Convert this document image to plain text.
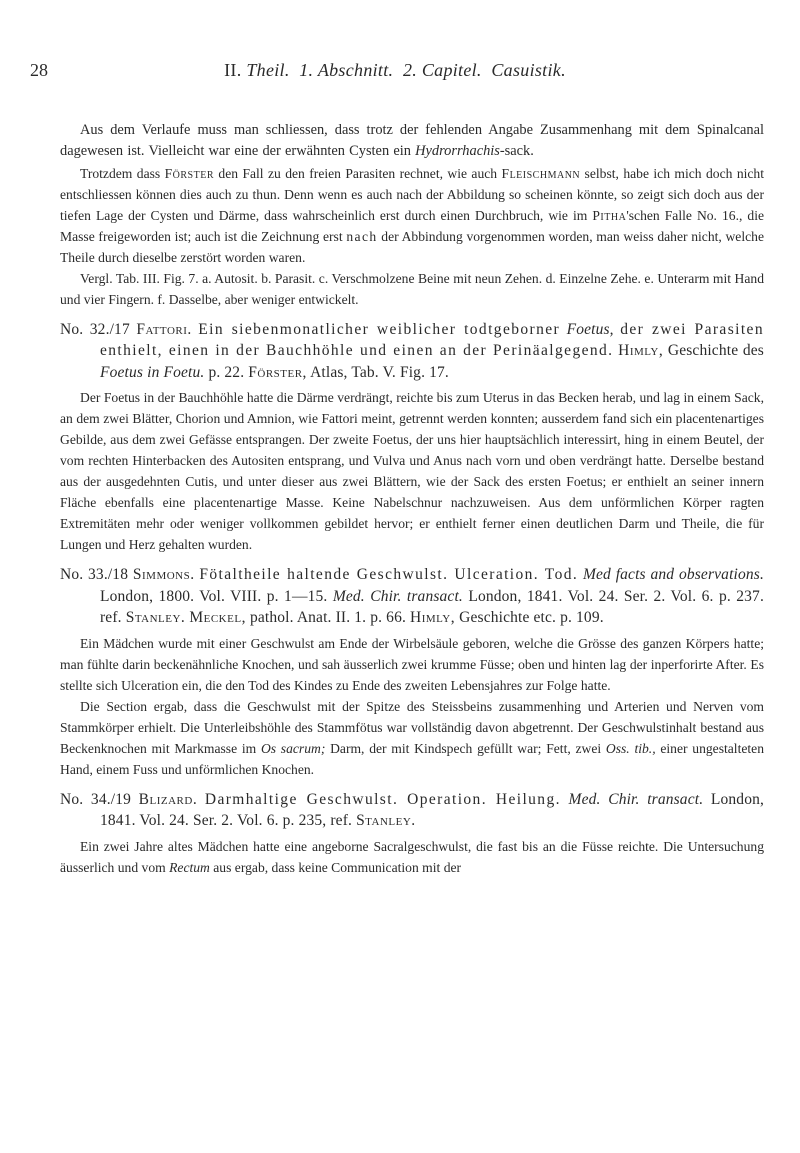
28	II. Theil. 1. Abschnitt. 2. Capitel. Casuistik.

Aus dem Verlaufe muss man schliessen, dass trotz der fehlenden Angabe Zusammenhang mit dem Spinalcanal dagewesen ist. Vielleicht war eine der erwähnten Cysten ein Hydrorrhachis-sack.

Trotzdem dass Förster den Fall zu den freien Parasiten rechnet, wie auch Fleischmann selbst, habe ich mich doch nicht entschliessen können dies auch zu thun. Denn wenn es auch nach der Abbildung so scheinen könnte, so zeigt sich doch aus der tiefen Lage der Cysten und Därme, dass wahrscheinlich erst durch einen Durchbruch, wie im Pitha'schen Falle No. 16., die Masse freigeworden ist; auch ist die Zeichnung erst nach der Abbindung vorgenommen worden, man weiss daher nicht, welche Theile durch dieselbe zerstört worden waren.

Vergl. Tab. III. Fig. 7. a. Autosit. b. Parasit. c. Verschmolzene Beine mit neun Zehen. d. Einzelne Zehe. e. Unterarm mit Hand und vier Fingern. f. Dasselbe, aber weniger entwickelt.

No. 32./17 Fattori. Ein siebenmonatlicher weiblicher todtgeborner Foetus, der zwei Parasiten enthielt, einen in der Bauchhöhle und einen an der Perinäalgegend. Himly, Geschichte des Foetus in Foetu. p. 22. Förster, Atlas, Tab. V. Fig. 17.

Der Foetus in der Bauchhöhle hatte die Därme verdrängt, reichte bis zum Uterus in das Becken herab, und lag in einem Sack, an dem zwei Blätter, Chorion und Amnion, wie Fattori meint, getrennt werden konnten; ausserdem fand sich ein placentenartiges Gebilde, aus dem zwei Gefässe entsprangen. Der zweite Foetus, der uns hier hauptsächlich interessirt, hing in einem Beutel, der vom rechten Hinterbacken des Autositen entsprang, und Vulva und Anus nach vorn und oben verdrängt hatte. Derselbe bestand aus der ausgedehnten Cutis, und unter dieser aus zwei Blättern, wie der Sack des ersten Foetus; er enthielt an seiner innern Fläche ebenfalls eine placentenartige Masse. Keine Nabelschnur nachzuweisen. Aus dem unförmlichen Körper ragten Extremitäten mehr oder weniger vollkommen gebildet hervor; er enthielt ferner einen deutlichen Darm und Theile, die für Lungen und Herz gehalten wurden.

No. 33./18 Simmons. Fötaltheile haltende Geschwulst. Ulceration. Tod. Med facts and observations. London, 1800. Vol. VIII. p. 1—15. Med. Chir. transact. London, 1841. Vol. 24. Ser. 2. Vol. 6. p. 237. ref. Stanley. Meckel, pathol. Anat. II. 1. p. 66. Himly, Geschichte etc. p. 109.

Ein Mädchen wurde mit einer Geschwulst am Ende der Wirbelsäule geboren, welche die Grösse des ganzen Körpers hatte; man fühlte darin beckenähnliche Knochen, und sah äusserlich zwei krumme Füsse; oben und hinten lag der inperforirte After. Es stellte sich Ulceration ein, die den Tod des Kindes zu Ende des zweiten Lebensjahres zur Folge hatte.

Die Section ergab, dass die Geschwulst mit der Spitze des Steissbeins zusammenhing und Arterien und Nerven vom Stammkörper erhielt. Die Unterleibshöhle des Stammfötus war vollständig davon abgetrennt. Der Geschwulstinhalt bestand aus Beckenknochen mit Markmasse im Os sacrum; Darm, der mit Kindspech gefüllt war; Fett, zwei Oss. tib., einer ungestalteten Hand, einem Fuss und unförmlichen Knochen.

No. 34./19 Blizard. Darmhaltige Geschwulst. Operation. Heilung. Med. Chir. transact. London, 1841. Vol. 24. Ser. 2. Vol. 6. p. 235, ref. Stanley.

Ein zwei Jahre altes Mädchen hatte eine angeborne Sacralgeschwulst, die fast bis an die Füsse reichte. Die Untersuchung äusserlich und vom Rectum aus ergab, dass keine Communication mit der
